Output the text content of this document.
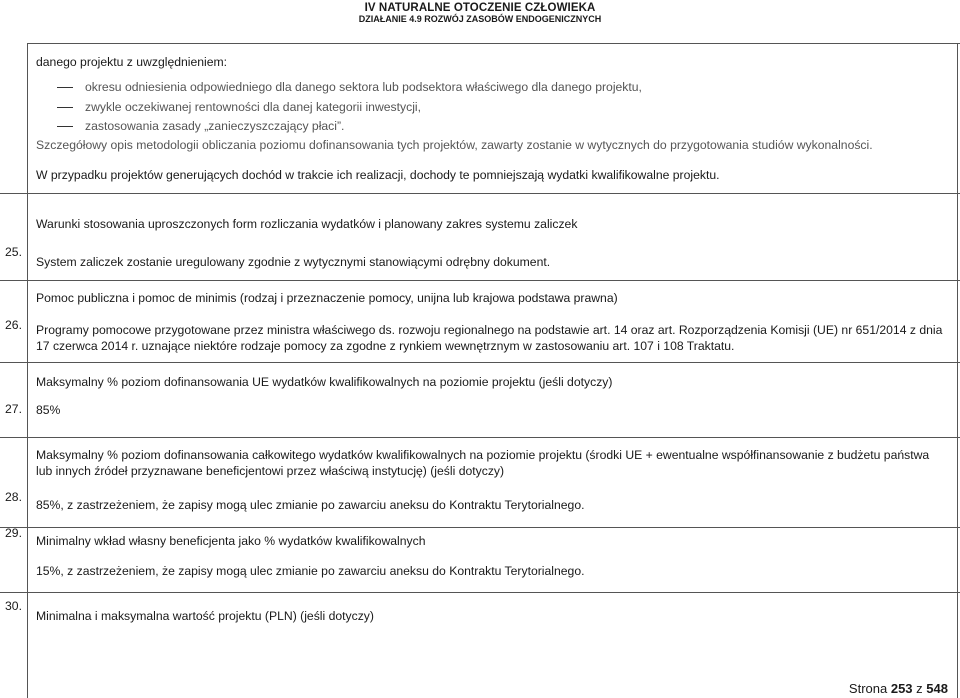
IV NATURALNE OTOCZENIE CZŁOWIEKA
DZIAŁANIE 4.9 ROZWÓJ ZASOBÓW ENDOGENICZNYCH
danego projektu z uwzględnieniem:
okresu odniesienia odpowiedniego dla danego sektora lub podsektora właściwego dla danego projektu,
zwykle oczekiwanej rentowności dla danej kategorii inwestycji,
zastosowania zasady „zanieczyszczający płaci”.
Szczegółowy opis metodologii obliczania poziomu dofinansowania tych projektów, zawarty zostanie w wytycznych do przygotowania studiów wykonalności.
W przypadku projektów generujących dochód w trakcie ich realizacji, dochody te pomniejszają wydatki kwalifikowalne projektu.
25.
Warunki stosowania uproszczonych form rozliczania wydatków i planowany zakres systemu zaliczek
System zaliczek zostanie uregulowany zgodnie z wytycznymi stanowiącymi odrębny dokument.
26.
Pomoc publiczna i pomoc de minimis (rodzaj i przeznaczenie pomocy, unijna lub krajowa podstawa prawna)
Programy pomocowe przygotowane przez ministra właściwego ds. rozwoju regionalnego na podstawie art. 14 oraz art. Rozporządzenia Komisji (UE) nr 651/2014 z dnia 17 czerwca 2014 r. uznające niektóre rodzaje pomocy za zgodne z rynkiem wewnętrznym w zastosowaniu art. 107 i 108 Traktatu.
27.
Maksymalny % poziom dofinansowania UE wydatków kwalifikowalnych na poziomie projektu (jeśli dotyczy)
85%
28.
Maksymalny % poziom dofinansowania całkowitego wydatków kwalifikowalnych na poziomie projektu (środki UE + ewentualne współfinansowanie z budżetu państwa lub innych źródeł przyznawane beneficjentowi przez właściwą instytucję) (jeśli dotyczy)
85%, z zastrzeżeniem, że zapisy mogą ulec zmianie po zawarciu aneksu do Kontraktu Terytorialnego.
29.
Minimalny wkład własny beneficjenta jako % wydatków kwalifikowalnych
15%, z zastrzeżeniem, że zapisy mogą ulec zmianie po zawarciu aneksu do Kontraktu Terytorialnego.
30.
Minimalna i maksymalna wartość projektu (PLN) (jeśli dotyczy)
Strona 253 z 548
